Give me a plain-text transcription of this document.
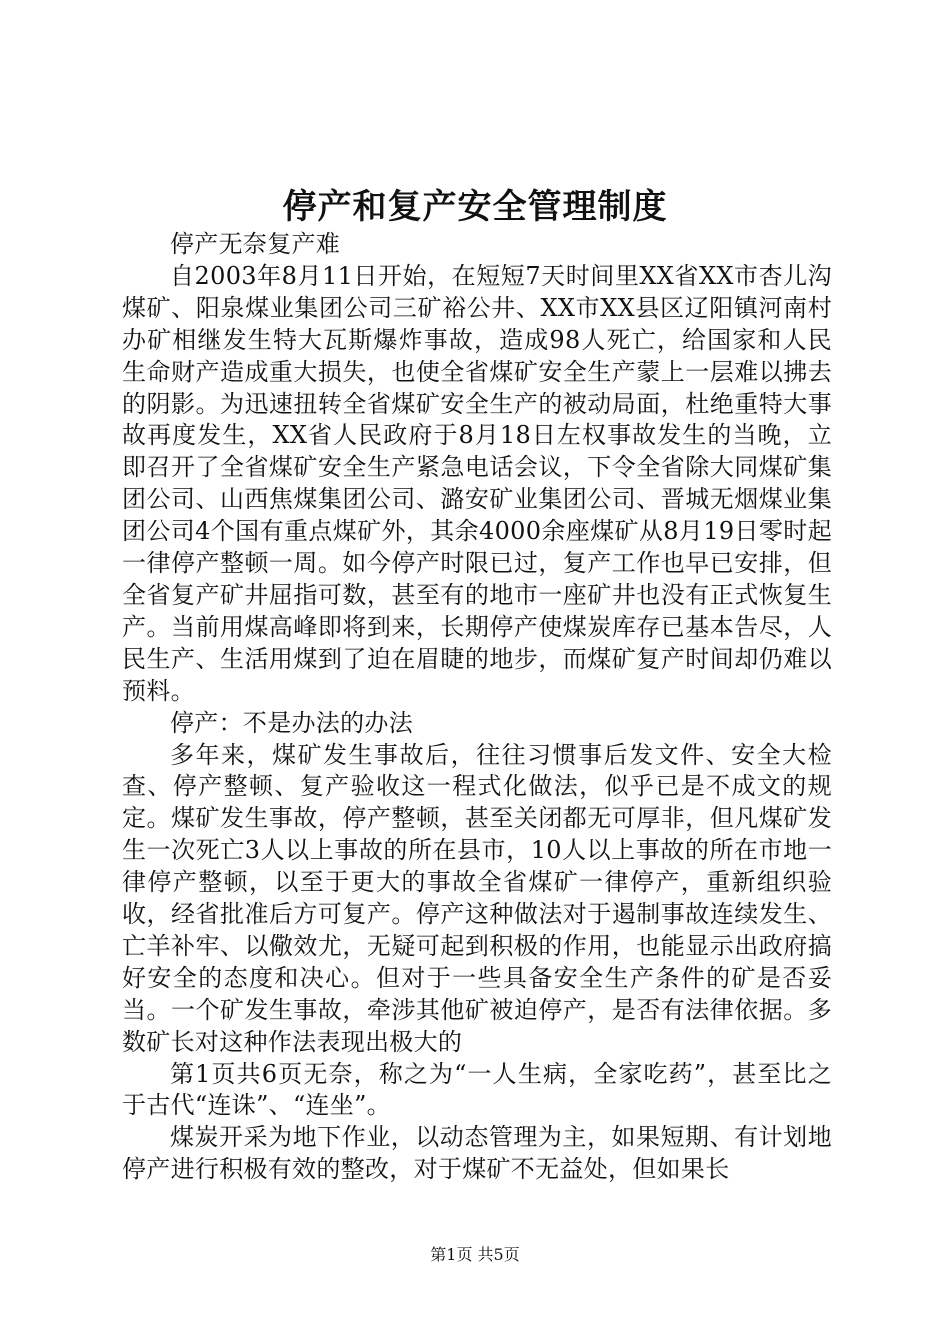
停产和复产安全管理制度

停产无奈复产难

自2003年8月11日开始，在短短7天时间里XX省XX市杏儿沟煤矿、阳泉煤业集团公司三矿裕公井、XX市XX县区辽阳镇河南村办矿相继发生特大瓦斯爆炸事故，造成98人死亡，给国家和人民生命财产造成重大损失，也使全省煤矿安全生产蒙上一层难以拂去的阴影。为迅速扭转全省煤矿安全生产的被动局面，杜绝重特大事故再度发生，XX省人民政府于8月18日左权事故发生的当晚，立即召开了全省煤矿安全生产紧急电话会议，下令全省除大同煤矿集团公司、山西焦煤集团公司、潞安矿业集团公司、晋城无烟煤业集团公司4个国有重点煤矿外，其余4000余座煤矿从8月19日零时起一律停产整顿一周。如今停产时限已过，复产工作也早已安排，但全省复产矿井屈指可数，甚至有的地市一座矿井也没有正式恢复生产。当前用煤高峰即将到来，长期停产使煤炭库存已基本告尽，人民生产、生活用煤到了迫在眉睫的地步，而煤矿复产时间却仍难以预料。

停产：不是办法的办法

多年来，煤矿发生事故后，往往习惯事后发文件、安全大检查、停产整顿、复产验收这一程式化做法，似乎已是不成文的规定。煤矿发生事故，停产整顿，甚至关闭都无可厚非，但凡煤矿发生一次死亡3人以上事故的所在县市，10人以上事故的所在市地一律停产整顿，以至于更大的事故全省煤矿一律停产，重新组织验收，经省批准后方可复产。停产这种做法对于遏制事故连续发生、亡羊补牢、以儆效尤，无疑可起到积极的作用，也能显示出政府搞好安全的态度和决心。但对于一些具备安全生产条件的矿是否妥当。一个矿发生事故，牵涉其他矿被迫停产，是否有法律依据。多数矿长对这种作法表现出极大的

第1页共6页无奈，称之为“一人生病，全家吃药”，甚至比之于古代“连诛”、“连坐”。

煤炭开采为地下作业，以动态管理为主，如果短期、有计划地停产进行积极有效的整改，对于煤矿不无益处，但如果长

第1页 共5页
